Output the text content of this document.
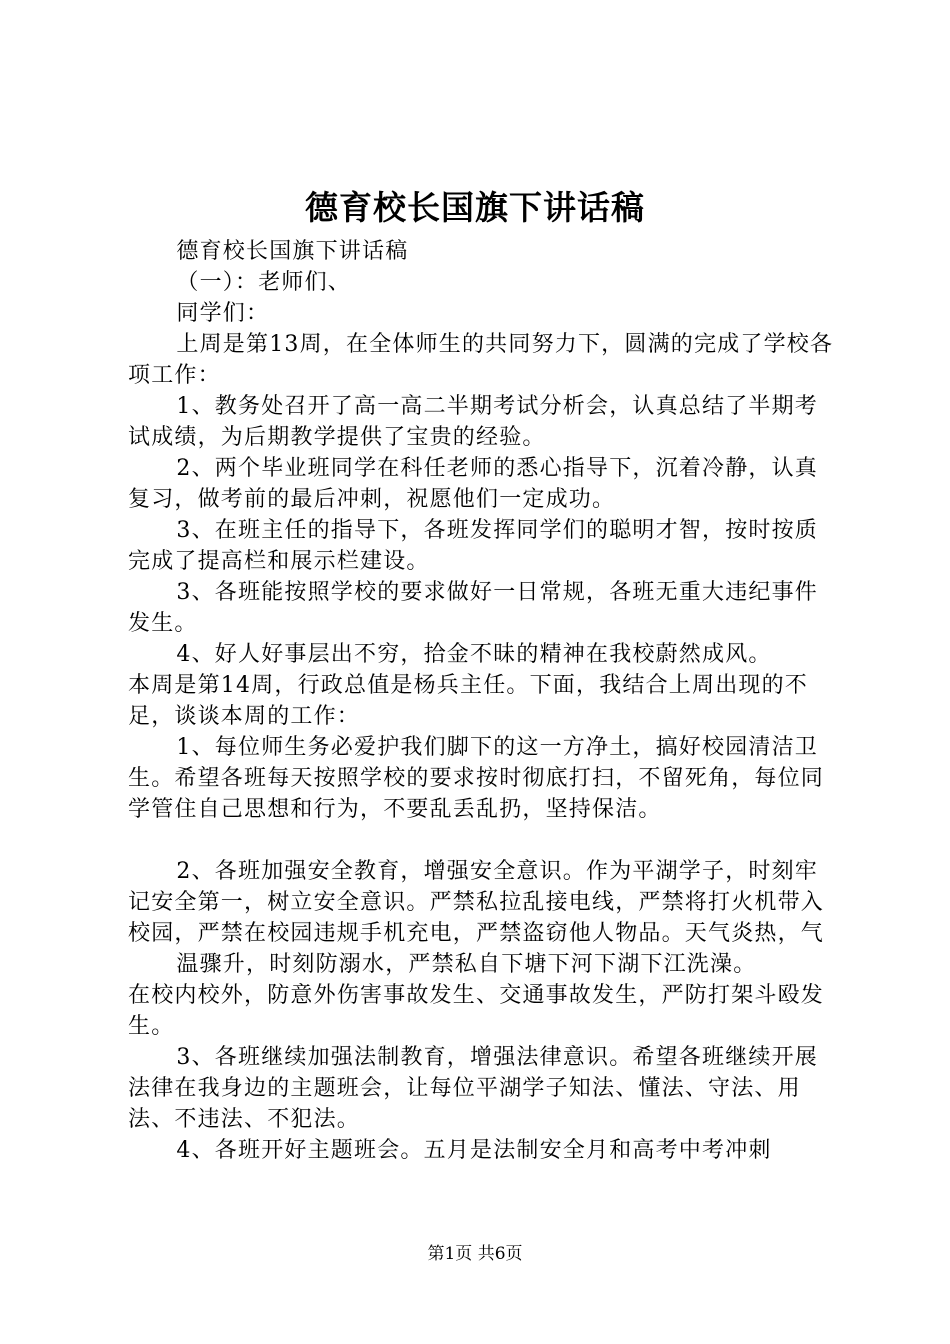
德育校长国旗下讲话稿

德育校长国旗下讲话稿

（一）：老师们、

同学们：

上周是第13周，在全体师生的共同努力下，圆满的完成了学校各项工作：

1、教务处召开了高一高二半期考试分析会，认真总结了半期考试成绩，为后期教学提供了宝贵的经验。

2、两个毕业班同学在科任老师的悉心指导下，沉着冷静，认真复习，做考前的最后冲刺，祝愿他们一定成功。

3、在班主任的指导下，各班发挥同学们的聪明才智，按时按质完成了提高栏和展示栏建设。

3、各班能按照学校的要求做好一日常规，各班无重大违纪事件发生。

4、好人好事层出不穷，拾金不昧的精神在我校蔚然成风。

本周是第14周，行政总值是杨兵主任。下面，我结合上周出现的不足，谈谈本周的工作：

1、每位师生务必爱护我们脚下的这一方净土，搞好校园清洁卫生。希望各班每天按照学校的要求按时彻底打扫，不留死角，每位同学管住自己思想和行为，不要乱丢乱扔，坚持保洁。

2、各班加强安全教育，增强安全意识。作为平湖学子，时刻牢记安全第一，树立安全意识。严禁私拉乱接电线，严禁将打火机带入校园，严禁在校园违规手机充电，严禁盗窃他人物品。天气炎热，气

温骤升，时刻防溺水，严禁私自下塘下河下湖下江洗澡。

在校内校外，防意外伤害事故发生、交通事故发生，严防打架斗殴发生。

3、各班继续加强法制教育，增强法律意识。希望各班继续开展法律在我身边的主题班会，让每位平湖学子知法、懂法、守法、用法、不违法、不犯法。

4、各班开好主题班会。五月是法制安全月和高考中考冲刺

第1页 共6页
